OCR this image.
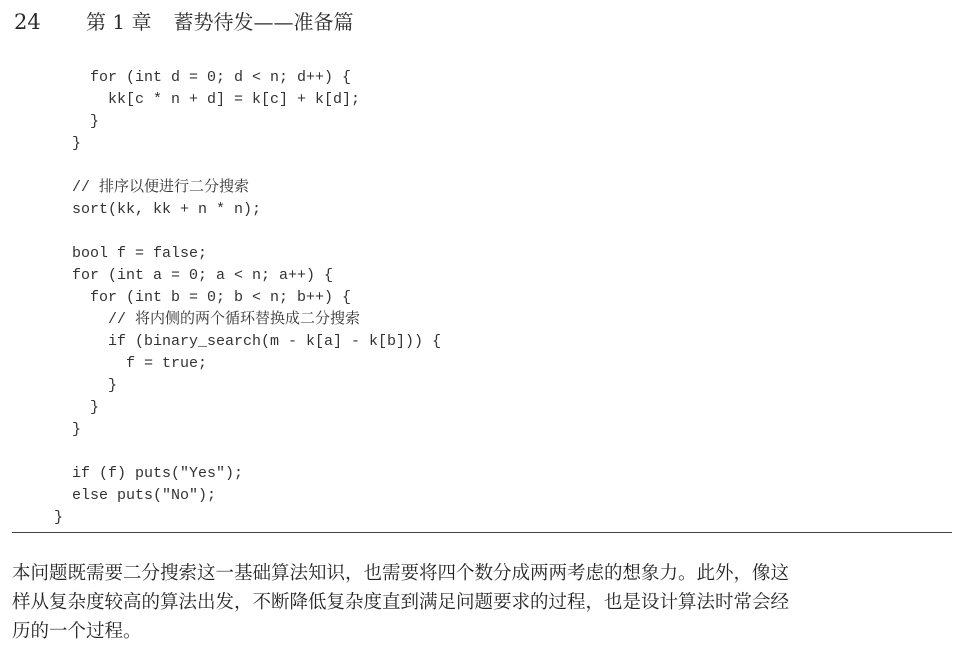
24	第 1 章 蓄势待发——准备篇
for (int d = 0; d < n; d++) {
kk[c * n + d] = k[c] + k[d];
}
}
// 排序以便进行二分搜索
sort(kk, kk + n * n);
bool f = false;
for (int a = 0; a < n; a++) {
for (int b = 0; b < n; b++) {
// 将内侧的两个循环替换成二分搜索
if (binary_search(m - k[a] - k[b])) {
f = true;
}
}
}
if (f) puts("Yes");
else puts("No");
}
本问题既需要二分搜索这一基础算法知识，也需要将四个数分成两两考虑的想象力。此外，像这
样从复杂度较高的算法出发，不断降低复杂度直到满足问题要求的过程，也是设计算法时常会经
历的一个过程。
